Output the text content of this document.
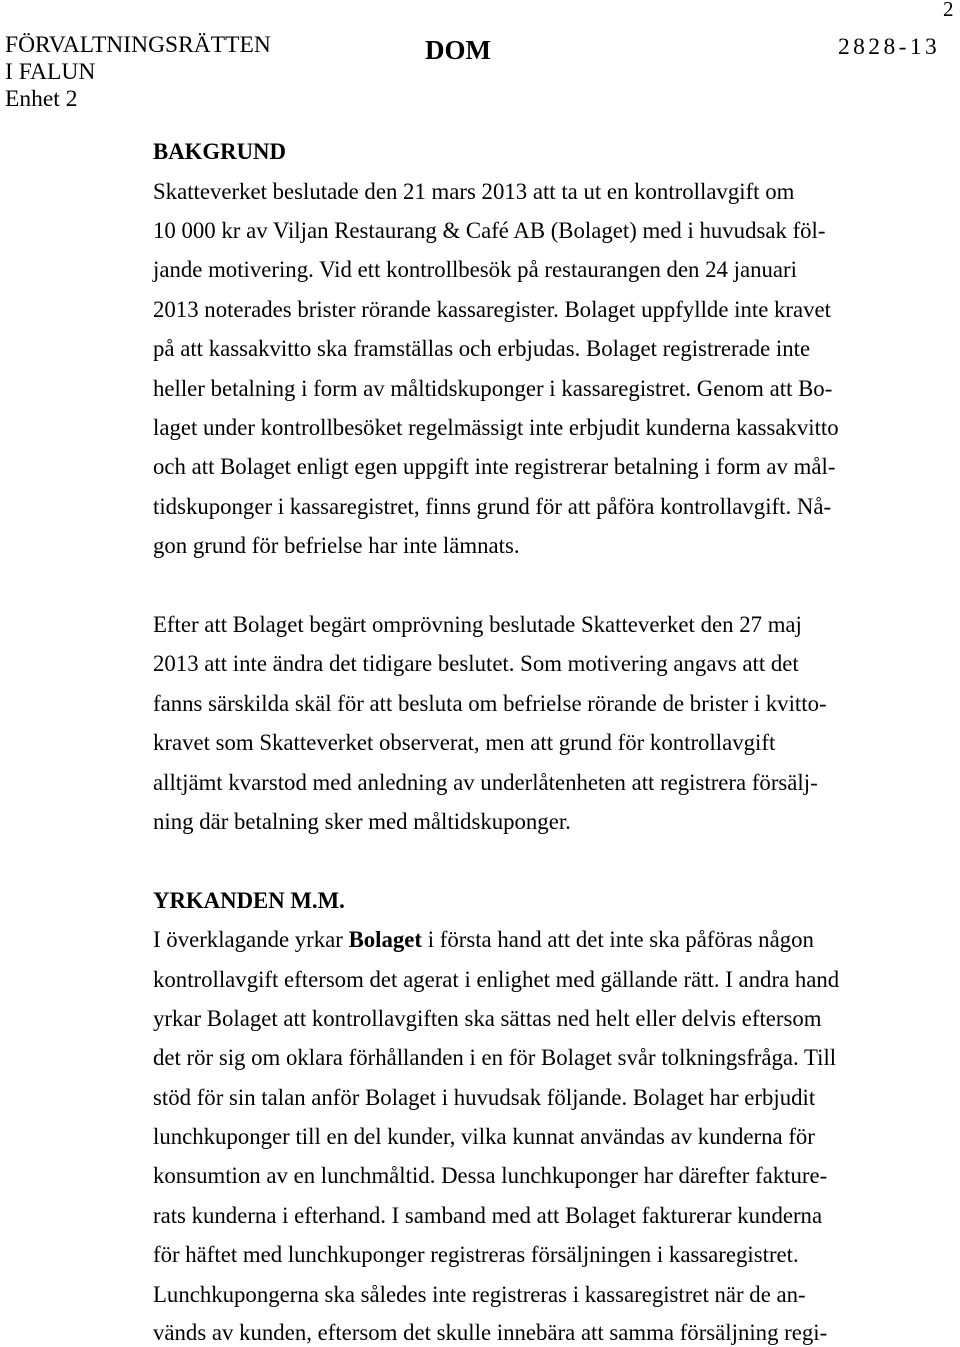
2
FÖRVALTNINGSRÄTTEN
I FALUN
Enhet 2
DOM	2828-13
BAKGRUND
Skatteverket beslutade den 21 mars 2013 att ta ut en kontrollavgift om
10 000 kr av Viljan Restaurang & Café AB (Bolaget) med i huvudsak föl-
jande motivering. Vid ett kontrollbesök på restaurangen den 24 januari
2013 noterades brister rörande kassaregister. Bolaget uppfyllde inte kravet
på att kassakvitto ska framställas och erbjudas. Bolaget registrerade inte
heller betalning i form av måltidskuponger i kassaregistret. Genom att Bo-
laget under kontrollbesöket regelmässigt inte erbjudit kunderna kassakvitto
och att Bolaget enligt egen uppgift inte registrerar betalning i form av mål-
tidskuponger i kassaregistret, finns grund för att påföra kontrollavgift. Nå-
gon grund för befrielse har inte lämnats.
Efter att Bolaget begärt omprövning beslutade Skatteverket den 27 maj
2013 att inte ändra det tidigare beslutet. Som motivering angavs att det
fanns särskilda skäl för att besluta om befrielse rörande de brister i kvitto-
kravet som Skatteverket observerat, men att grund för kontrollavgift
alltjämt kvarstod med anledning av underlåtenheten att registrera försälj-
ning där betalning sker med måltidskuponger.
YRKANDEN M.M.
I överklagande yrkar Bolaget i första hand att det inte ska påföras någon
kontrollavgift eftersom det agerat i enlighet med gällande rätt. I andra hand
yrkar Bolaget att kontrollavgiften ska sättas ned helt eller delvis eftersom
det rör sig om oklara förhållanden i en för Bolaget svår tolkningsfråga. Till
stöd för sin talan anför Bolaget i huvudsak följande. Bolaget har erbjudit
lunchkuponger till en del kunder, vilka kunnat användas av kunderna för
konsumtion av en lunchmåltid. Dessa lunchkuponger har därefter fakture-
rats kunderna i efterhand. I samband med att Bolaget fakturerar kunderna
för häftet med lunchkuponger registreras försäljningen i kassaregistret.
Lunchkupongerna ska således inte registreras i kassaregistret när de an-
vänds av kunden, eftersom det skulle innebära att samma försäljning regi-
